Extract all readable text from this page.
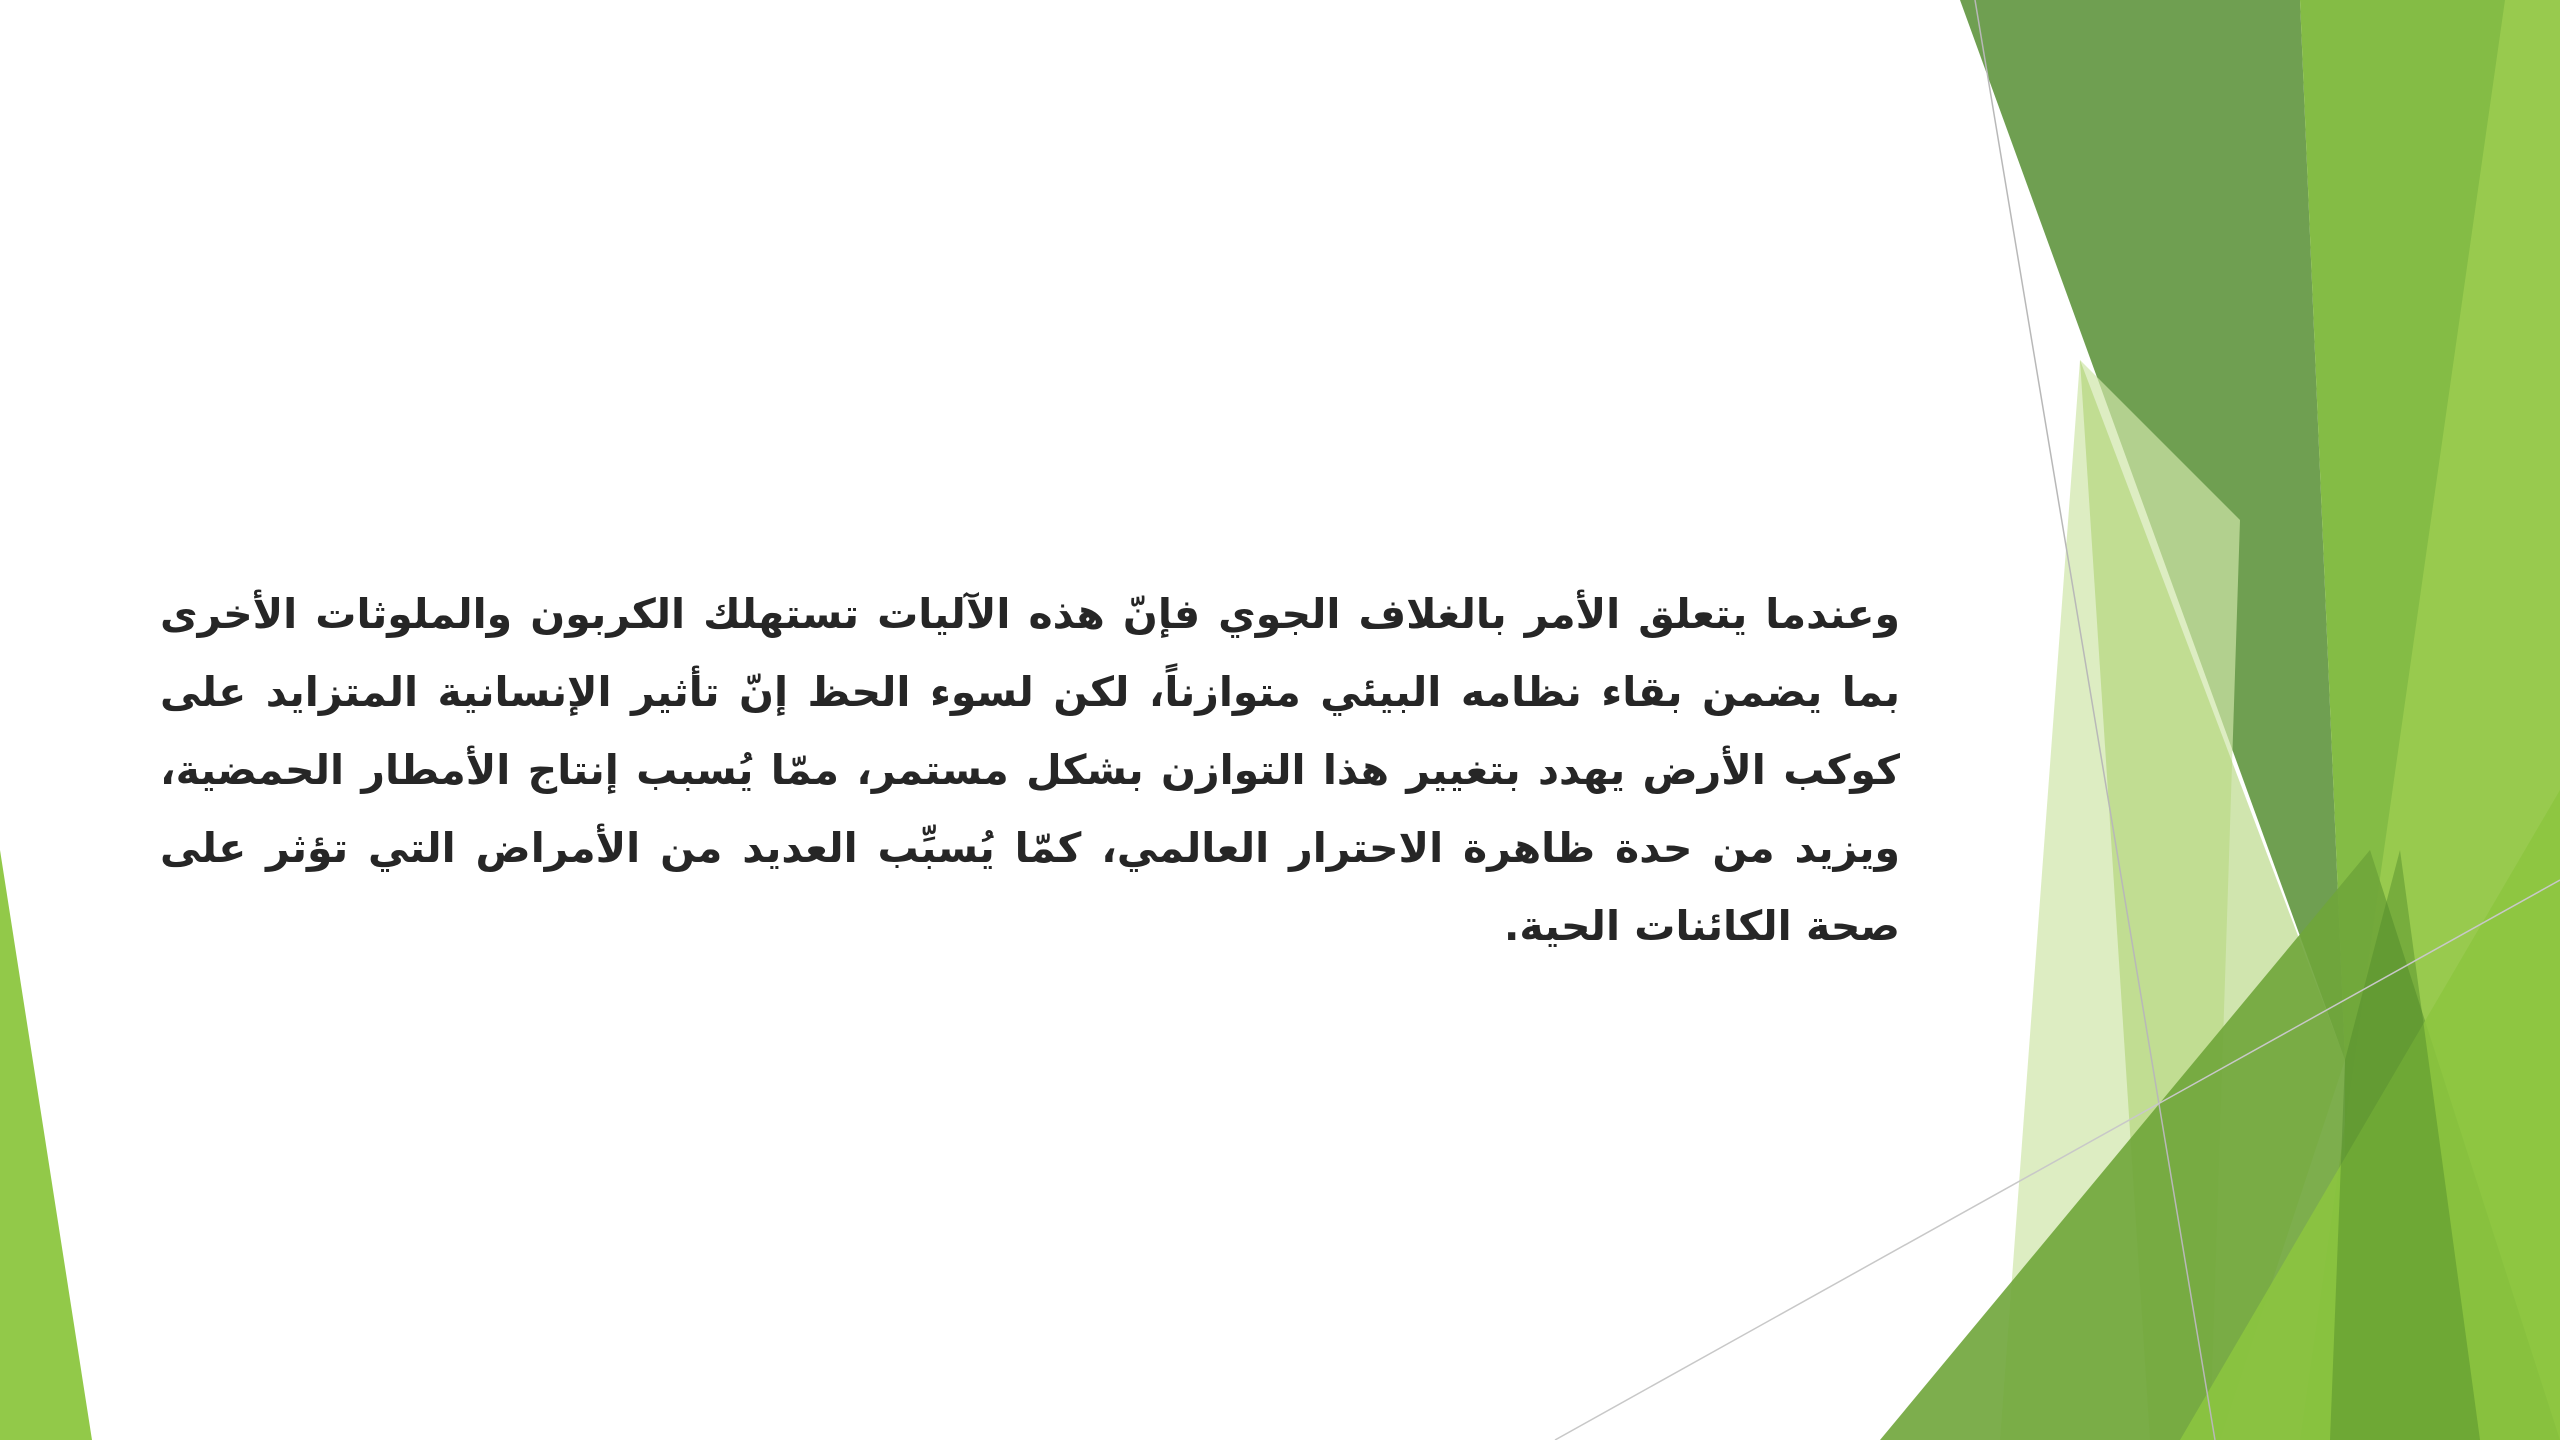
وعندما يتعلق الأمر بالغلاف الجوي فإنّ هذه الآليات تستهلك الكربون والملوثات الأخرى بما يضمن بقاء نظامه البيئي متوازناً، لكن لسوء الحظ إنّ تأثير الإنسانية المتزايد على كوكب الأرض يهدد بتغيير هذا التوازن بشكل مستمر، ممّا يُسبب إنتاج الأمطار الحمضية، ويزيد من حدة ظاهرة الاحترار العالمي، كمّا يُسبِّب العديد من الأمراض التي تؤثر على صحة الكائنات الحية.
